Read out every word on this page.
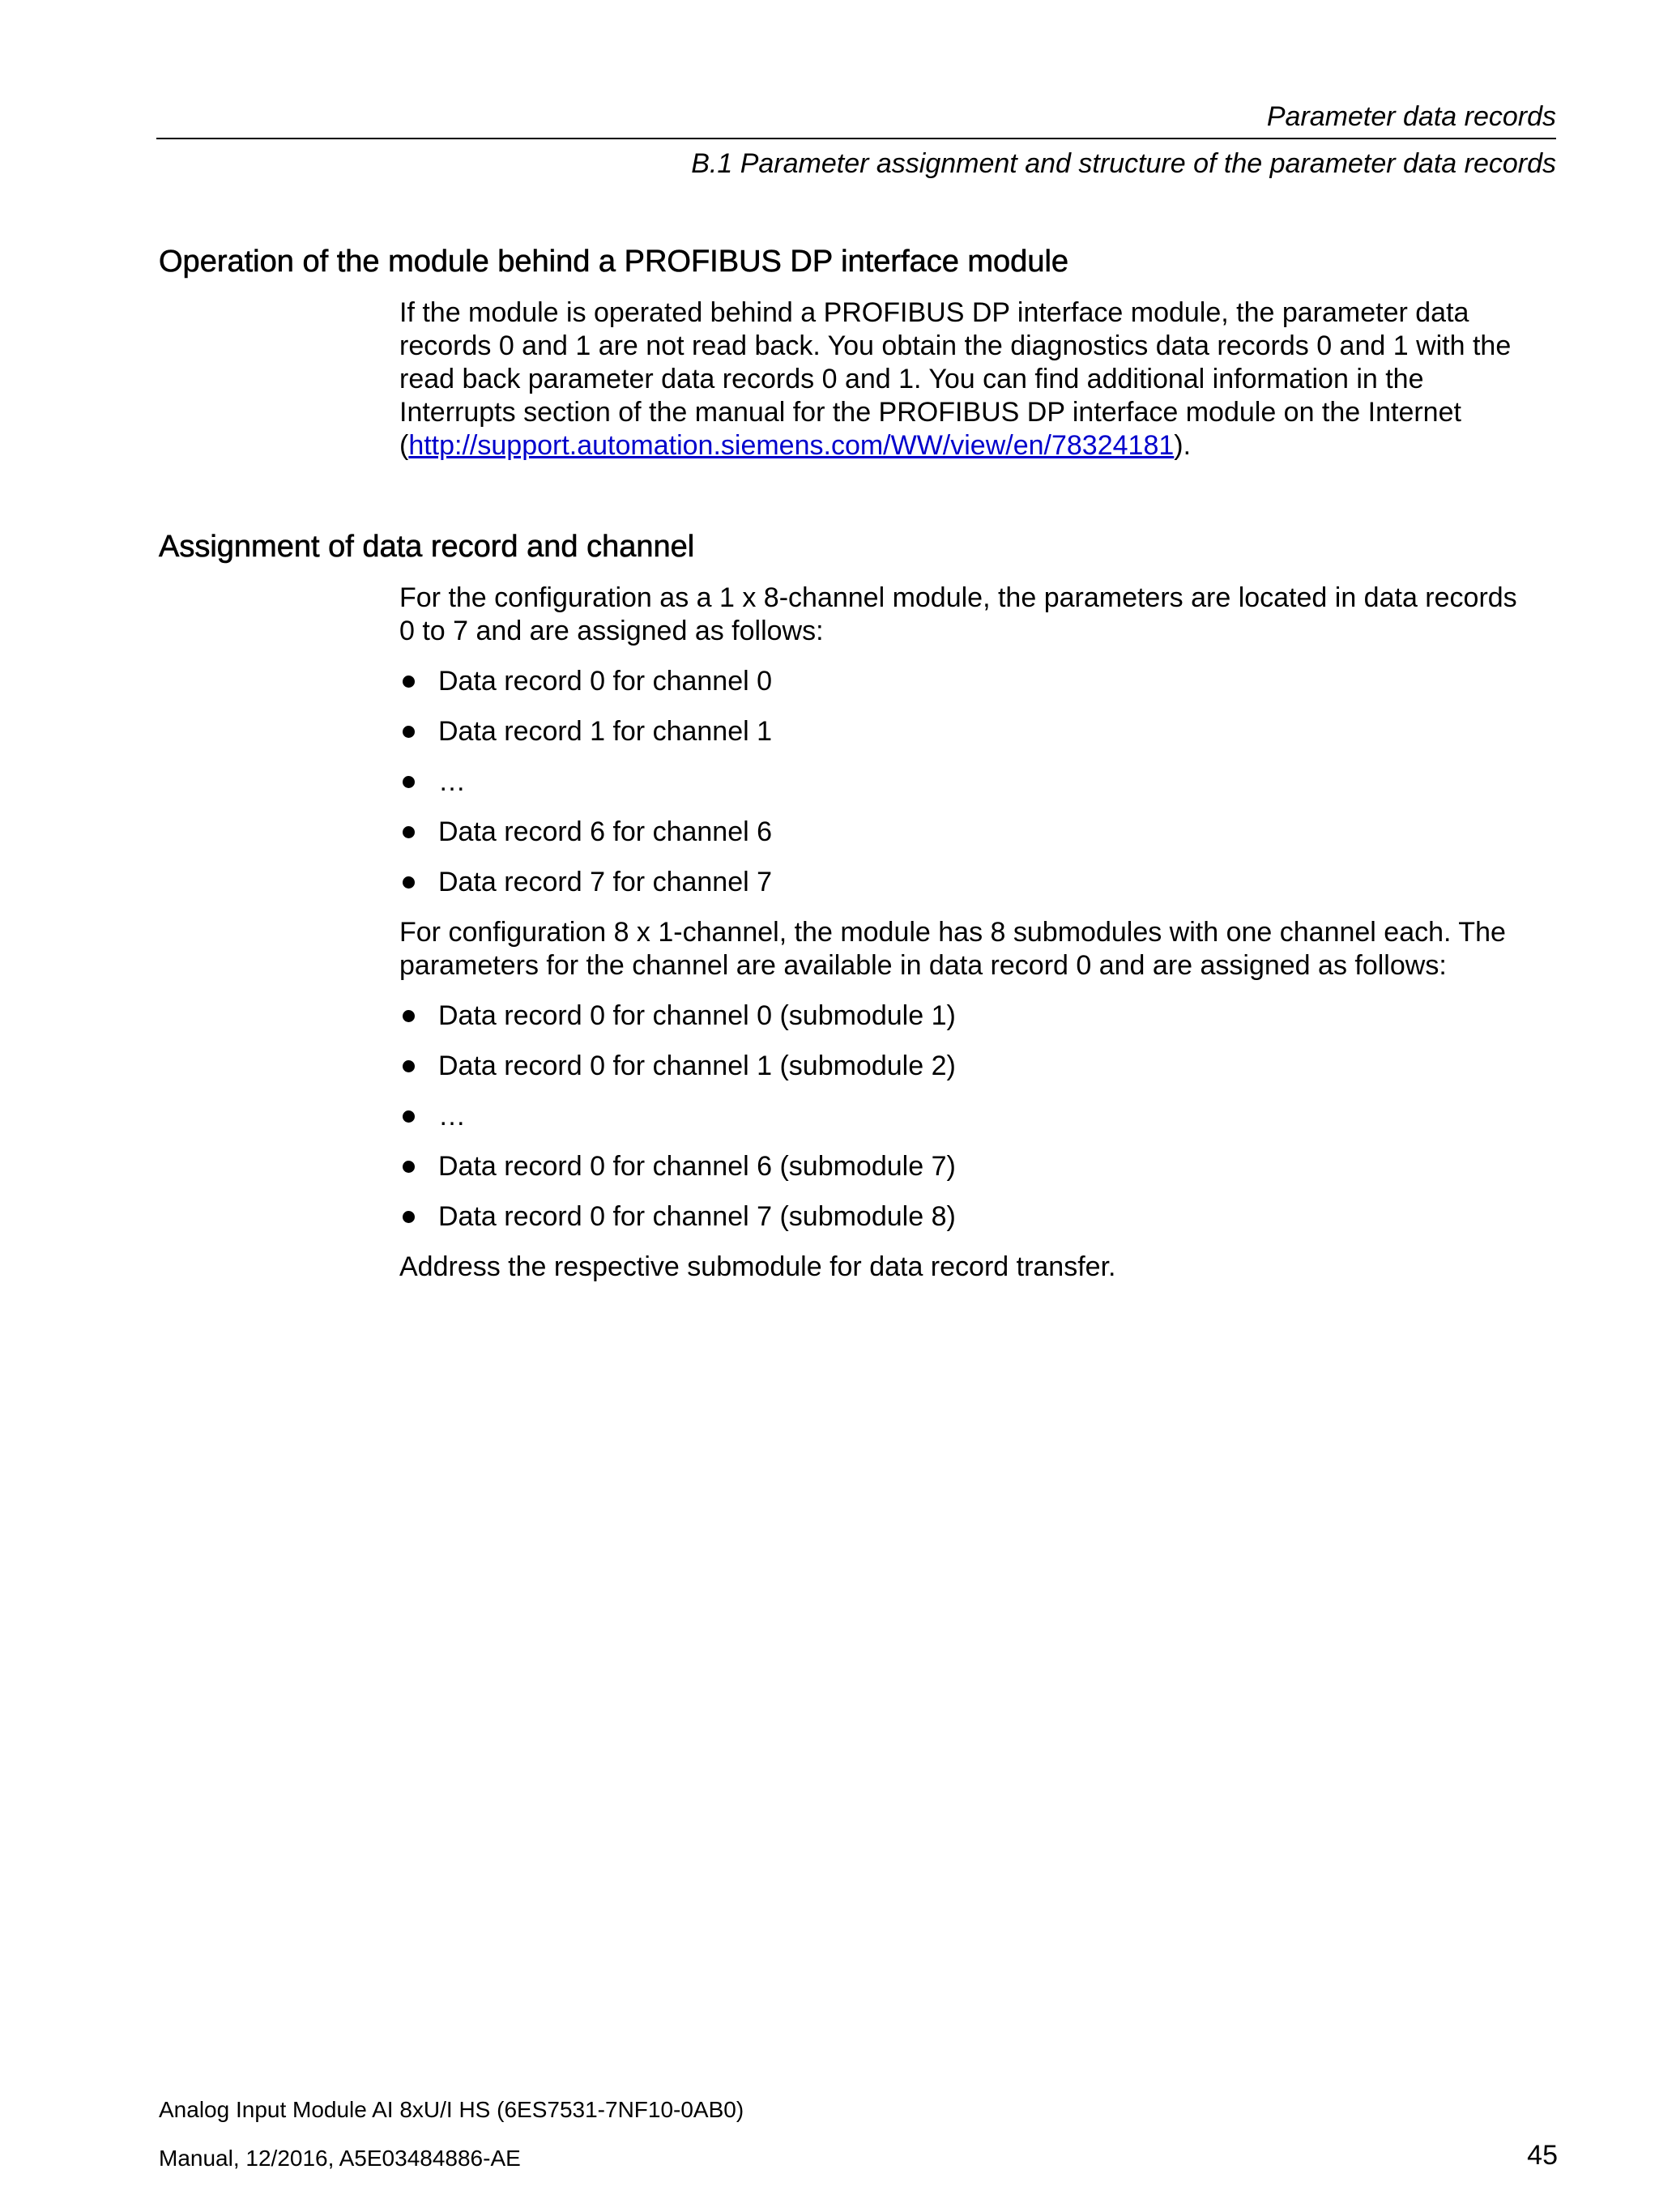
Parameter data records
B.1 Parameter assignment and structure of the parameter data records
Operation of the module behind a PROFIBUS DP interface module

If the module is operated behind a PROFIBUS DP interface module, the parameter data
records 0 and 1 are not read back. You obtain the diagnostics data records 0 and 1 with the
read back parameter data records 0 and 1. You can find additional information in the
Interrupts section of the manual for the PROFIBUS DP interface module on the Internet
(http://support.automation.siemens.com/WW/view/en/78324181).

Assignment of data record and channel

For the configuration as a 1 x 8-channel module, the parameters are located in data records
0 to 7 and are assigned as follows:

Data record 0 for channel 0
Data record 1 for channel 1
…
Data record 6 for channel 6
Data record 7 for channel 7

For configuration 8 x 1-channel, the module has 8 submodules with one channel each. The
parameters for the channel are available in data record 0 and are assigned as follows:

Data record 0 for channel 0 (submodule 1)
Data record 0 for channel 1 (submodule 2)
…
Data record 0 for channel 6 (submodule 7)
Data record 0 for channel 7 (submodule 8)

Address the respective submodule for data record transfer.

Analog Input Module AI 8xU/I HS (6ES7531-7NF10-0AB0)
Manual, 12/2016, A5E03484886-AE	45
